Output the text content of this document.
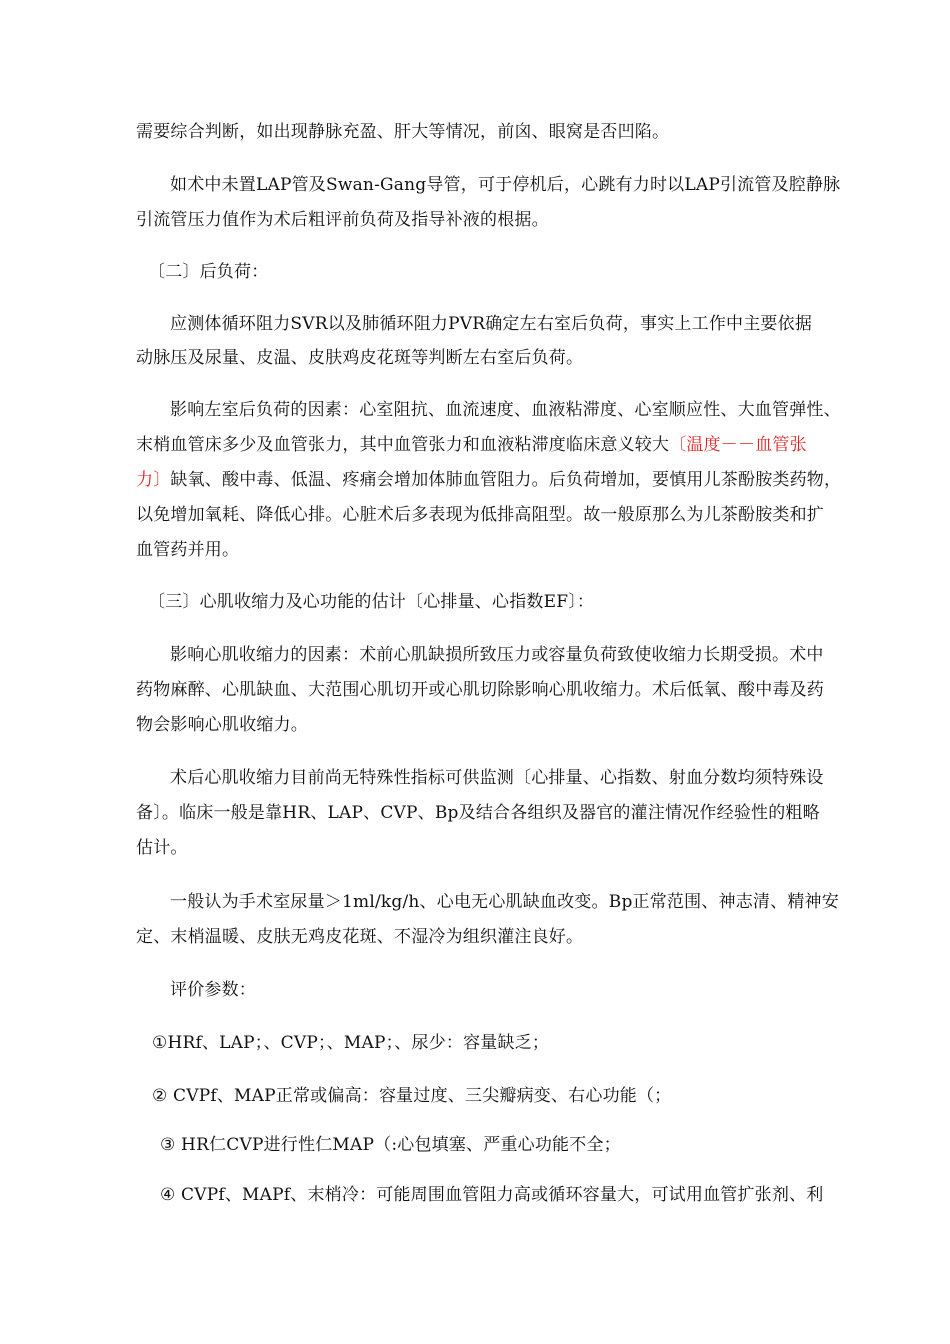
需要综合判断，如出现静脉充盈、肝大等情况，前囟、眼窝是否凹陷。
如术中未置LAP管及Swan-Gang导管，可于停机后，心跳有力时以LAP引流管及腔静脉
引流管压力值作为术后粗评前负荷及指导补液的根据。
〔二〕后负荷：
应测体循环阻力SVR以及肺循环阻力PVR确定左右室后负荷，事实上工作中主要依据
动脉压及尿量、皮温、皮肤鸡皮花斑等判断左右室后负荷。
影响左室后负荷的因素：心室阻抗、血流速度、血液粘滞度、心室顺应性、大血管弹性、
末梢血管床多少及血管张力，其中血管张力和血液粘滞度临床意义较大〔温度－－血管张
力〕缺氧、酸中毒、低温、疼痛会增加体肺血管阻力。后负荷增加，要慎用儿茶酚胺类药物，
以免增加氧耗、降低心排。心脏术后多表现为低排高阻型。故一般原那么为儿茶酚胺类和扩
血管药并用。
〔三〕心肌收缩力及心功能的估计〔心排量、心指数EF〕：
影响心肌收缩力的因素：术前心肌缺损所致压力或容量负荷致使收缩力长期受损。术中
药物麻醉、心肌缺血、大范围心肌切开或心肌切除影响心肌收缩力。术后低氧、酸中毒及药
物会影响心肌收缩力。
术后心肌收缩力目前尚无特殊性指标可供监测〔心排量、心指数、射血分数均须特殊设
备〕。临床一般是靠HR、LAP、CVP、Bp及结合各组织及器官的灌注情况作经验性的粗略
估计。
一般认为手术室尿量＞1ml/kg/h、心电无心肌缺血改变。Bp正常范围、神志清、精神安
定、末梢温暖、皮肤无鸡皮花斑、不湿冷为组织灌注良好。
评价参数：
①HRf、LAP；、CVP；、MAP；、尿少：容量缺乏；
② CVPf、MAP正常或偏高：容量过度、三尖瓣病变、右心功能（；
③ HR仁CVP进行性仁MAP（:心包填塞、严重心功能不全；
④ CVPf、MAPf、末梢冷：可能周围血管阻力高或循环容量大，可试用血管扩张剂、利
